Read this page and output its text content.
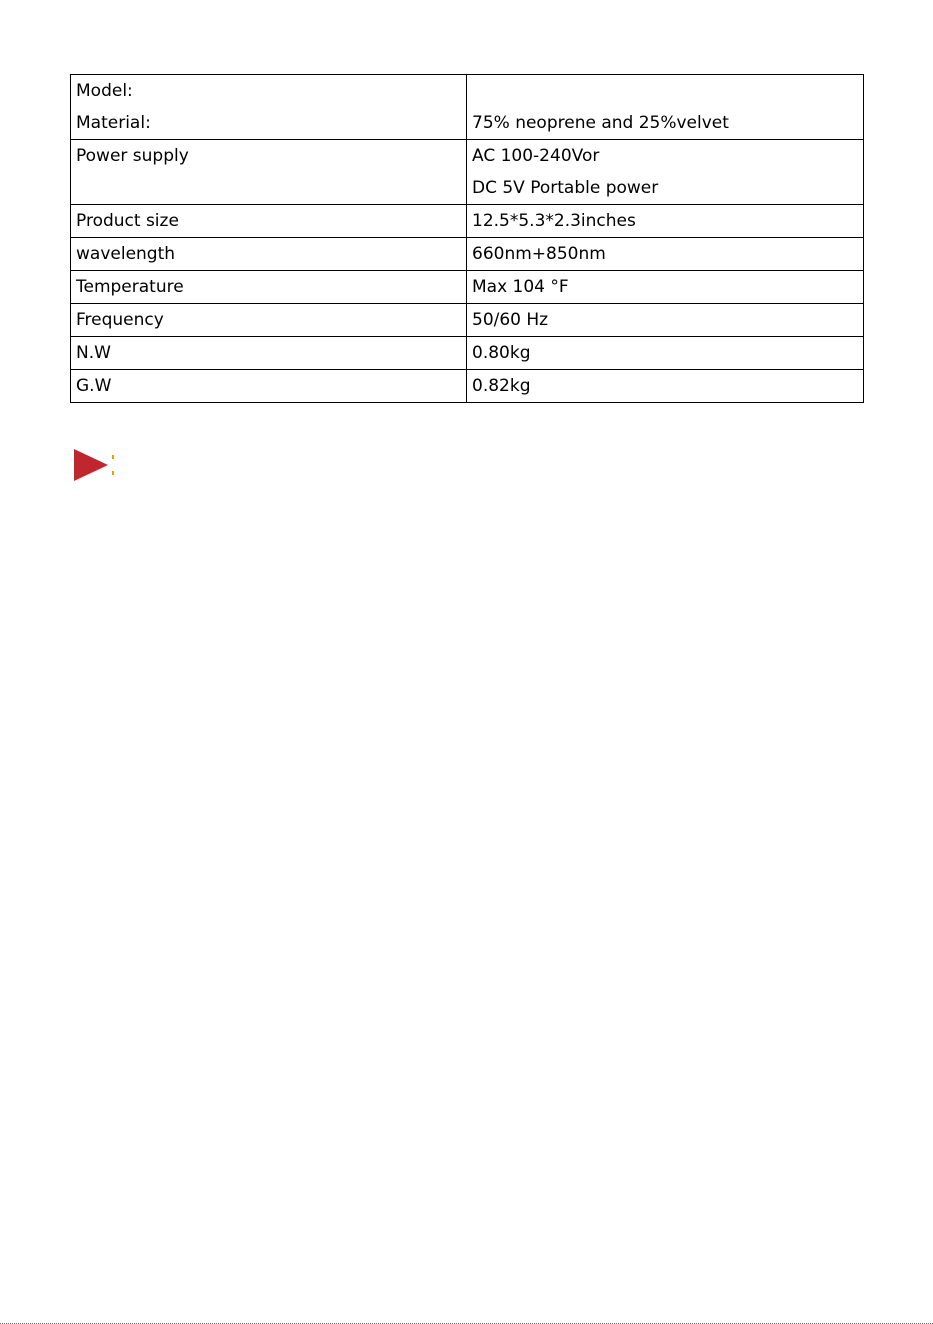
Model:
Material:	75% neoprene and 25%velvet

Power supply	AC 100-240Vor
DC 5V Portable power

Product size	12.5*5.3*2.3inches

wavelength	660nm+850nm

Temperature	Max 104 °F

Frequency	50/60 Hz

N.W	0.80kg

G.W	0.82kg
